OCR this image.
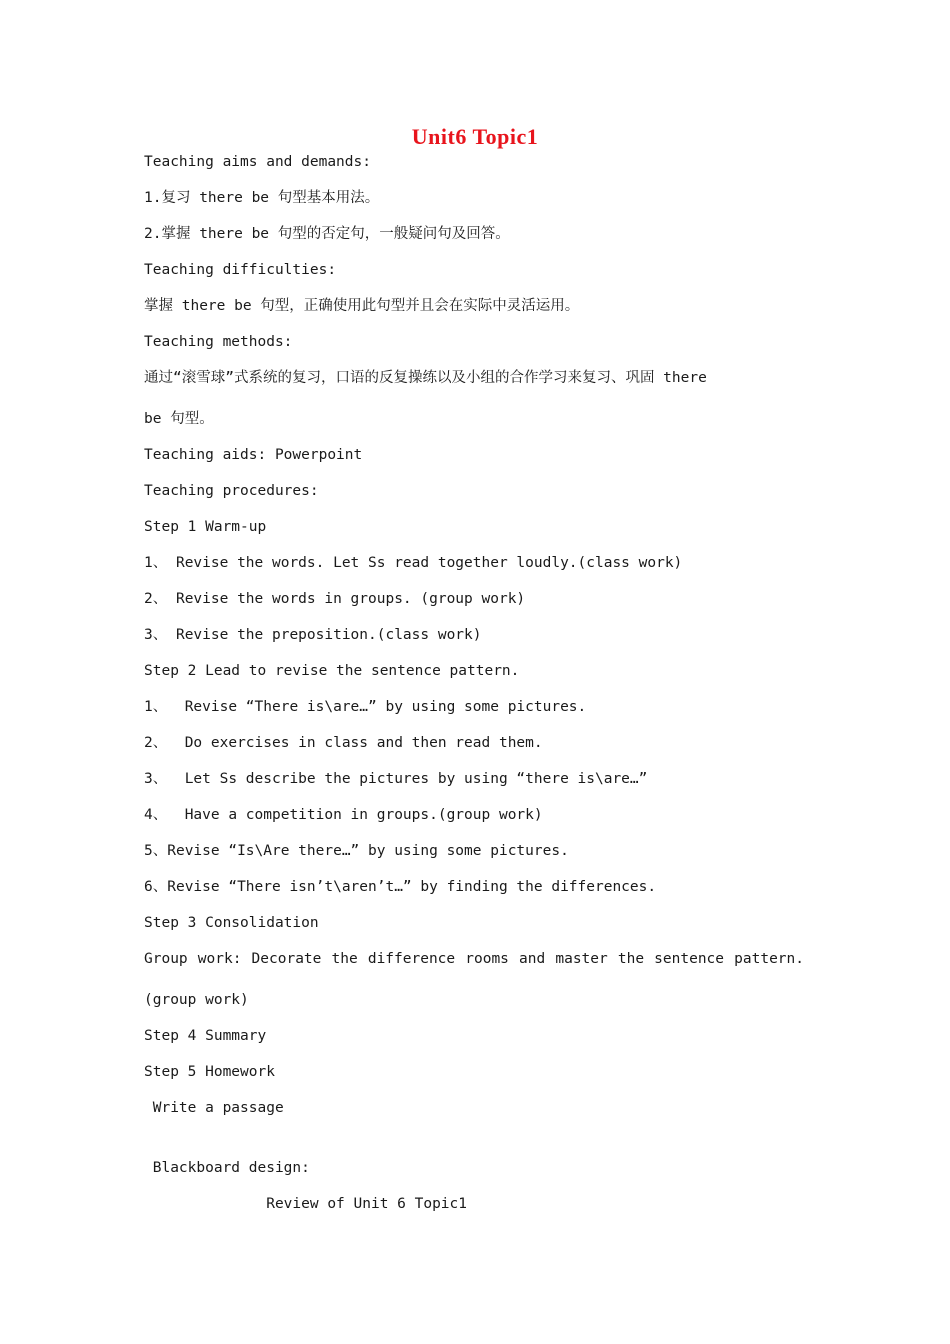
Unit6 Topic1
Teaching aims and demands:
1.复习 there be 句型基本用法。
2.掌握 there be 句型的否定句，一般疑问句及回答。
Teaching difficulties:
掌握 there be 句型，正确使用此句型并且会在实际中灵活运用。
Teaching methods:
通过“滚雪球”式系统的复习，口语的反复操练以及小组的合作学习来复习、巩固 there
be 句型。
Teaching aids: Powerpoint
Teaching procedures:
Step 1 Warm-up
1、 Revise the words. Let Ss read together loudly.(class work)
2、 Revise the words in groups. (group work)
3、 Revise the preposition.(class work)
Step 2 Lead to revise the sentence pattern.
1、  Revise “There is\are…” by using some pictures.
2、  Do exercises in class and then read them.
3、  Let Ss describe the pictures by using “there is\are…”
4、  Have a competition in groups.(group work)
5、Revise “Is\Are there…” by using some pictures.
6、Revise “There isn’t\aren’t…” by finding the differences.
Step 3 Consolidation
Group work: Decorate the difference rooms and master the sentence pattern.
(group work)
Step 4 Summary
Step 5 Homework
Write a passage
Blackboard design:
Review of Unit 6 Topic1
